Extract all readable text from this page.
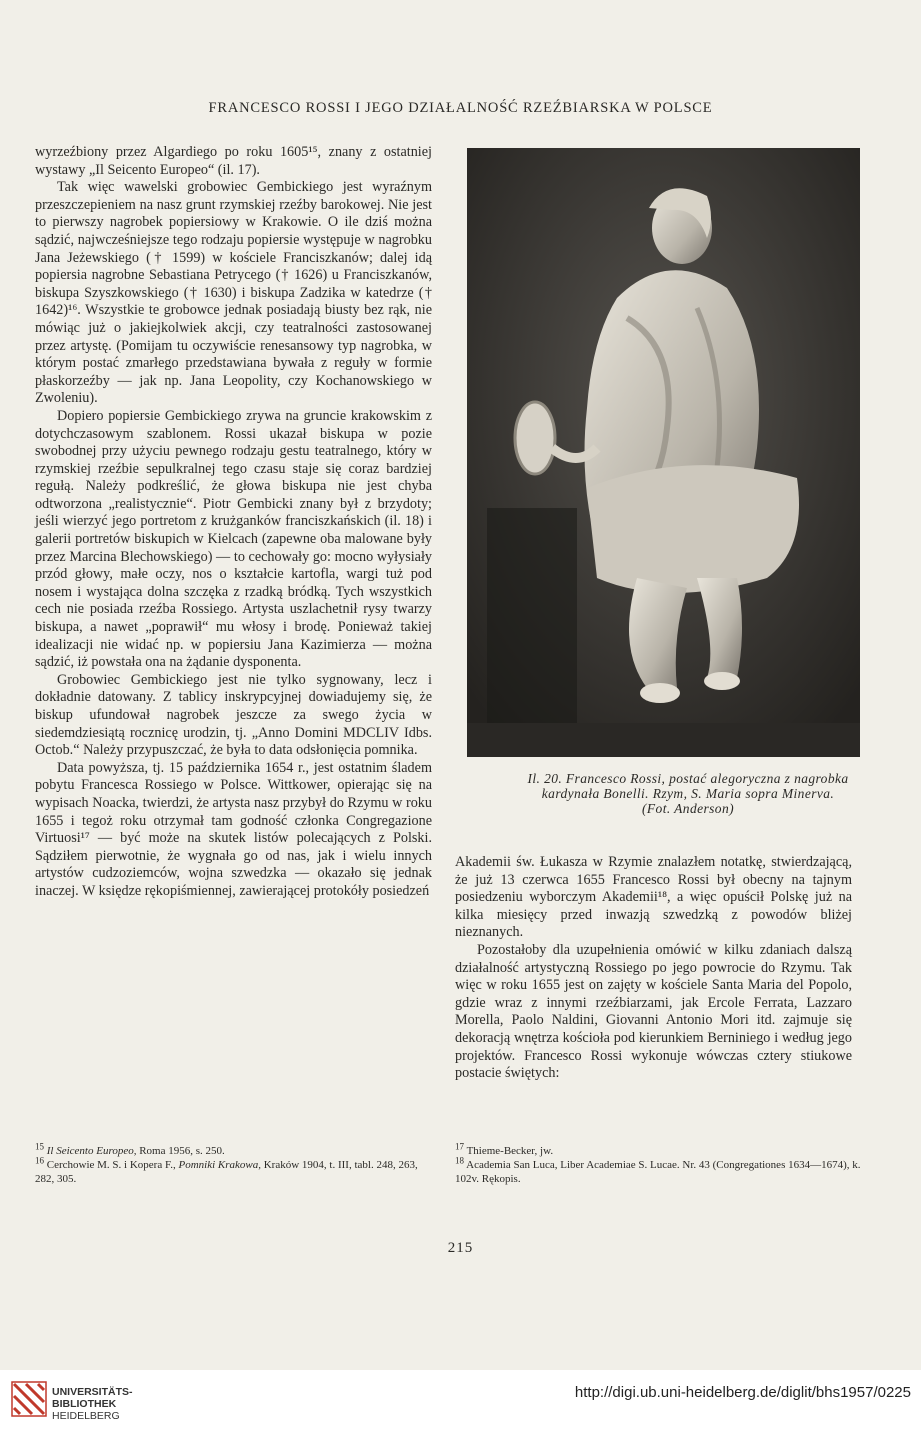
FRANCESCO ROSSI I JEGO DZIAŁALNOŚĆ RZEŹBIARSKA W POLSCE

wyrzeźbiony przez Algardiego po roku 1605¹⁵, znany z ostatniej wystawy „Il Seicento Europeo“ (il. 17).

Tak więc wawelski grobowiec Gembickiego jest wyraźnym przeszczepieniem na nasz grunt rzymskiej rzeźby barokowej. Nie jest to pierwszy nagrobek popiersiowy w Krakowie. O ile dziś można sądzić, najwcześniejsze tego rodzaju popiersie występuje w nagrobku Jana Jeżewskiego († 1599) w kościele Franciszkanów; dalej idą popiersia nagrobne Sebastiana Petrycego († 1626) u Franciszkanów, biskupa Szyszkowskiego († 1630) i biskupa Zadzika w katedrze († 1642)¹⁶. Wszystkie te grobowce jednak posiadają biusty bez rąk, nie mówiąc już o jakiejkolwiek akcji, czy teatralności zastosowanej przez artystę. (Pomijam tu oczywiście renesansowy typ nagrobka, w którym postać zmarłego przedstawiana bywała z reguły w formie płaskorzeźby — jak np. Jana Leopolity, czy Kochanowskiego w Zwoleniu).

Dopiero popiersie Gembickiego zrywa na gruncie krakowskim z dotychczasowym szablonem. Rossi ukazał biskupa w pozie swobodnej przy użyciu pewnego rodzaju gestu teatralnego, który w rzymskiej rzeźbie sepulkralnej tego czasu staje się coraz bardziej regułą. Należy podkreślić, że głowa biskupa nie jest chyba odtworzona „realistycznie“. Piotr Gembicki znany był z brzydoty; jeśli wierzyć jego portretom z krużganków franciszkańskich (il. 18) i galerii portretów biskupich w Kielcach (zapewne oba malowane były przez Marcina Blechowskiego) — to cechowały go: mocno wyłysiały przód głowy, małe oczy, nos o kształcie kartofla, wargi tuż pod nosem i wystająca dolna szczęka z rzadką bródką. Tych wszystkich cech nie posiada rzeźba Rossiego. Artysta uszlachetnił rysy twarzy biskupa, a nawet „poprawił“ mu włosy i brodę. Ponieważ takiej idealizacji nie widać np. w popiersiu Jana Kazimierza — można sądzić, iż powstała ona na żądanie dysponenta.

Grobowiec Gembickiego jest nie tylko sygnowany, lecz i dokładnie datowany. Z tablicy inskrypcyjnej dowiadujemy się, że biskup ufundował nagrobek jeszcze za swego życia w siedemdziesiątą rocznicę urodzin, tj. „Anno Domini MDCLIV Idbs. Octob.“ Należy przypuszczać, że była to data odsłonięcia pomnika.

Data powyższa, tj. 15 października 1654 r., jest ostatnim śladem pobytu Francesca Rossiego w Polsce. Wittkower, opierając się na wypisach Noacka, twierdzi, że artysta nasz przybył do Rzymu w roku 1655 i tegoż roku otrzymał tam godność członka Congregazione Virtuosi¹⁷ — być może na skutek listów polecających z Polski. Sądziłem pierwotnie, że wygnała go od nas, jak i wielu innych artystów cudzoziemców, wojna szwedzka — okazało się jednak inaczej. W księdze rękopiśmiennej, zawierającej protokóły posiedzeń

Il. 20. Francesco Rossi, postać alegoryczna z nagrobka kardynała Bonelli. Rzym, S. Maria sopra Minerva.
(Fot. Anderson)

Akademii św. Łukasza w Rzymie znalazłem notatkę, stwierdzającą, że już 13 czerwca 1655 Francesco Rossi był obecny na tajnym posiedzeniu wyborczym Akademii¹⁸, a więc opuścił Polskę już na kilka miesięcy przed inwazją szwedzką z powodów bliżej nieznanych.

Pozostałoby dla uzupełnienia omówić w kilku zdaniach dalszą działalność artystyczną Rossiego po jego powrocie do Rzymu. Tak więc w roku 1655 jest on zajęty w kościele Santa Maria del Popolo, gdzie wraz z innymi rzeźbiarzami, jak Ercole Ferrata, Lazzaro Morella, Paolo Naldini, Giovanni Antonio Mori itd. zajmuje się dekoracją wnętrza kościoła pod kierunkiem Berniniego i według jego projektów. Francesco Rossi wykonuje wówczas cztery stiukowe postacie świętych:

$^{15}$ Il Seicento Europeo, Roma 1956, s. 250.
$^{16}$ Cerchowie M. S. i Kopera F., Pomniki Krakowa, Kraków 1904, t. III, tabl. 248, 263, 282, 305.
$^{17}$ Thieme-Becker, jw.
$^{18}$ Academia San Luca, Liber Academiae S. Lucae. Nr. 43 (Congregationes 1634—1674), k. 102v. Rękopis.
215
UNIVERSITÄTS-
BIBLIOTHEK
HEIDELBERG
http://digi.ub.uni-heidelberg.de/diglit/bhs1957/0225
